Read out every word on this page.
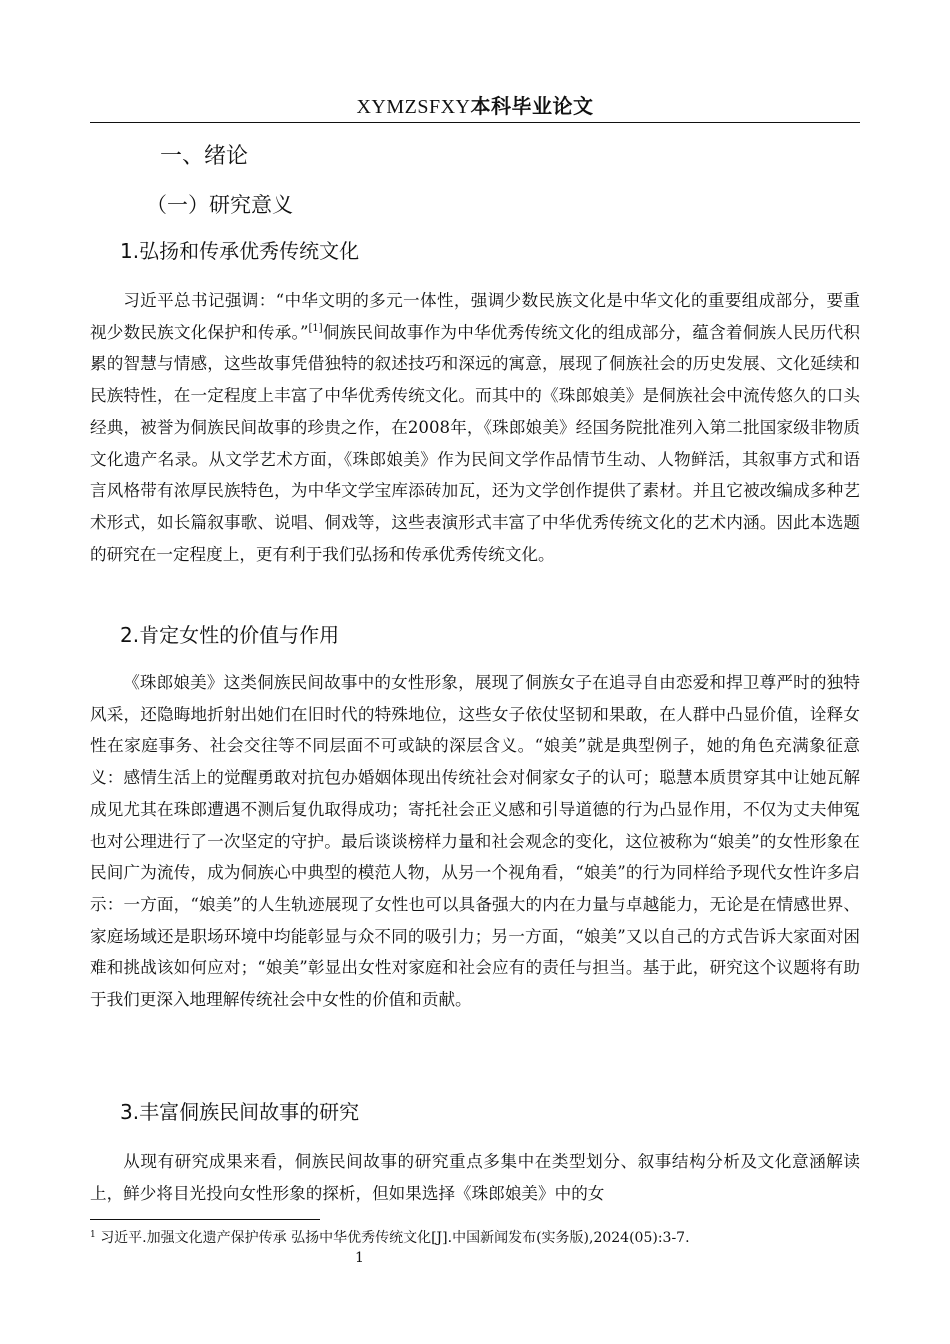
XYMZSFXY本科毕业论文
一、绪论
（一）研究意义
1.弘扬和传承优秀传统文化

习近平总书记强调：“中华文明的多元一体性，强调少数民族文化是中华文化的重要组成部分，要重视少数民族文化保护和传承。”[1]侗族民间故事作为中华优秀传统文化的组成部分，蕴含着侗族人民历代积累的智慧与情感，这些故事凭借独特的叙述技巧和深远的寓意，展现了侗族社会的历史发展、文化延续和民族特性，在一定程度上丰富了中华优秀传统文化。而其中的《珠郎娘美》是侗族社会中流传悠久的口头经典，被誉为侗族民间故事的珍贵之作，在2008年，《珠郎娘美》经国务院批准列入第二批国家级非物质文化遗产名录。从文学艺术方面，《珠郎娘美》作为民间文学作品情节生动、人物鲜活，其叙事方式和语言风格带有浓厚民族特色，为中华文学宝库添砖加瓦，还为文学创作提供了素材。并且它被改编成多种艺术形式，如长篇叙事歌、说唱、侗戏等，这些表演形式丰富了中华优秀传统文化的艺术内涵。因此本选题的研究在一定程度上，更有利于我们弘扬和传承优秀传统文化。

2.肯定女性的价值与作用

《珠郎娘美》这类侗族民间故事中的女性形象，展现了侗族女子在追寻自由恋爱和捍卫尊严时的独特风采，还隐晦地折射出她们在旧时代的特殊地位，这些女子依仗坚韧和果敢，在人群中凸显价值，诠释女性在家庭事务、社会交往等不同层面不可或缺的深层含义。“娘美”就是典型例子，她的角色充满象征意义：感情生活上的觉醒勇敢对抗包办婚姻体现出传统社会对侗家女子的认可；聪慧本质贯穿其中让她瓦解成见尤其在珠郎遭遇不测后复仇取得成功；寄托社会正义感和引导道德的行为凸显作用，不仅为丈夫伸冤也对公理进行了一次坚定的守护。最后谈谈榜样力量和社会观念的变化，这位被称为“娘美”的女性形象在民间广为流传，成为侗族心中典型的模范人物，从另一个视角看，“娘美”的行为同样给予现代女性许多启示：一方面，“娘美”的人生轨迹展现了女性也可以具备强大的内在力量与卓越能力，无论是在情感世界、家庭场域还是职场环境中均能彰显与众不同的吸引力；另一方面，“娘美”又以自己的方式告诉大家面对困难和挑战该如何应对；“娘美”彰显出女性对家庭和社会应有的责任与担当。基于此，研究这个议题将有助于我们更深入地理解传统社会中女性的价值和贡献。

3.丰富侗族民间故事的研究

从现有研究成果来看，侗族民间故事的研究重点多集中在类型划分、叙事结构分析及文化意涵解读上，鲜少将目光投向女性形象的探析，但如果选择《珠郎娘美》中的女

$^1$ 习近平.加强文化遗产保护传承 弘扬中华优秀传统文化[J].中国新闻发布(实务版),2024(05):3-7.
1
